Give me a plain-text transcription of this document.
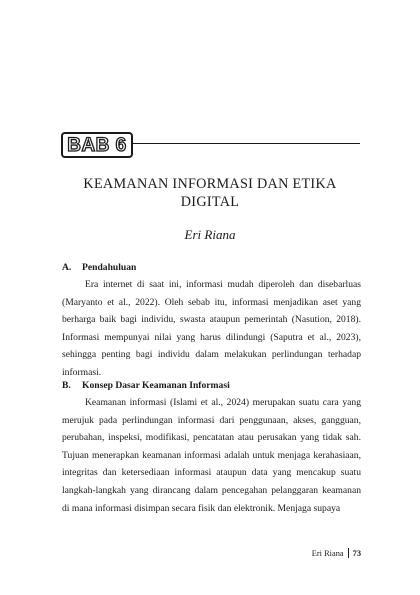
BAB 6
KEAMANAN INFORMASI DAN ETIKA
DIGITAL
Eri Riana
A. Pendahuluan

Era internet di saat ini, informasi mudah diperoleh dan disebarluas (Maryanto et al., 2022). Oleh sebab itu, informasi menjadikan aset yang berharga baik bagi individu, swasta ataupun pemerintah (Nasution, 2018). Informasi mempunyai nilai yang harus dilindungi (Saputra et al., 2023), sehingga penting bagi individu dalam melakukan perlindungan terhadap informasi.

B. Konsep Dasar Keamanan Informasi

Keamanan informasi (Islami et al., 2024) merupakan suatu cara yang merujuk pada perlindungan informasi dari penggunaan, akses, gangguan, perubahan, inspeksi, modifikasi, pencatatan atau perusakan yang tidak sah. Tujuan menerapkan keamanan informasi adalah untuk menjaga kerahasiaan, integritas dan ketersediaan informasi ataupun data yang mencakup suatu langkah-langkah yang dirancang dalam pencegahan pelanggaran keamanan di mana informasi disimpan secara fisik dan elektronik. Menjaga supaya

Eri Riana 73
